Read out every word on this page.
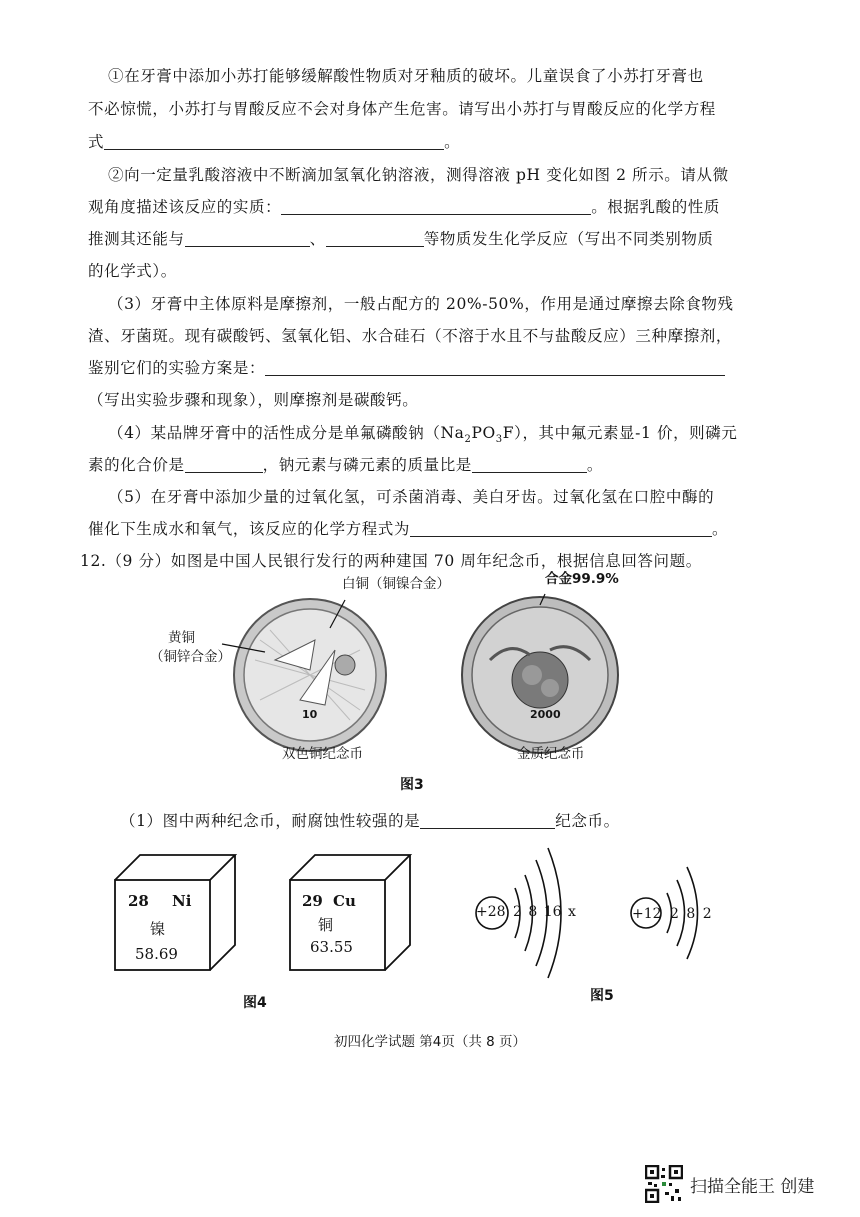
①在牙膏中添加小苏打能够缓解酸性物质对牙釉质的破坏。儿童误食了小苏打牙膏也
不必惊慌，小苏打与胃酸反应不会对身体产生危害。请写出小苏打与胃酸反应的化学方程
式	。
②向一定量乳酸溶液中不断滴加氢氧化钠溶液，测得溶液 pH 变化如图 2 所示。请从微
观角度描述该反应的实质：	。根据乳酸的性质
推测其还能与	、	等物质发生化学反应（写出不同类别物质
的化学式）。
（3）牙膏中主体原料是摩擦剂，一般占配方的 20%-50%，作用是通过摩擦去除食物残
渣、牙菌斑。现有碳酸钙、氢氧化铝、水合硅石（不溶于水且不与盐酸反应）三种摩擦剂，
鉴别它们的实验方案是：
（写出实验步骤和现象），则摩擦剂是碳酸钙。
（4）某品牌牙膏中的活性成分是单氟磷酸钠$(Na_2PO_3F)$，其中氟元素显-1 价，则磷元
素的化合价是	，钠元素与磷元素的质量比是	。
（5）在牙膏中添加少量的过氧化氢，可杀菌消毒、美白牙齿。过氧化氢在口腔中酶的
催化下生成水和氧气，该反应的化学方程式为	。
12.（9 分）如图是中国人民银行发行的两种建国 70 周年纪念币，根据信息回答问题。
白铜（铜镍合金）	合金99.9%
黄铜
（铜锌合金）
10	2000
双色铜纪念币	金质纪念币
图3
（1）图中两种纪念币，耐腐蚀性较强的是	纪念币。
28 Ni
镍
58.69
29 Cu
铜
63.55
图4
+28 2 8 16 x	+12 2 8 2
图5
初四化学试题 第4页（共 8 页）
扫描全能王 创建
